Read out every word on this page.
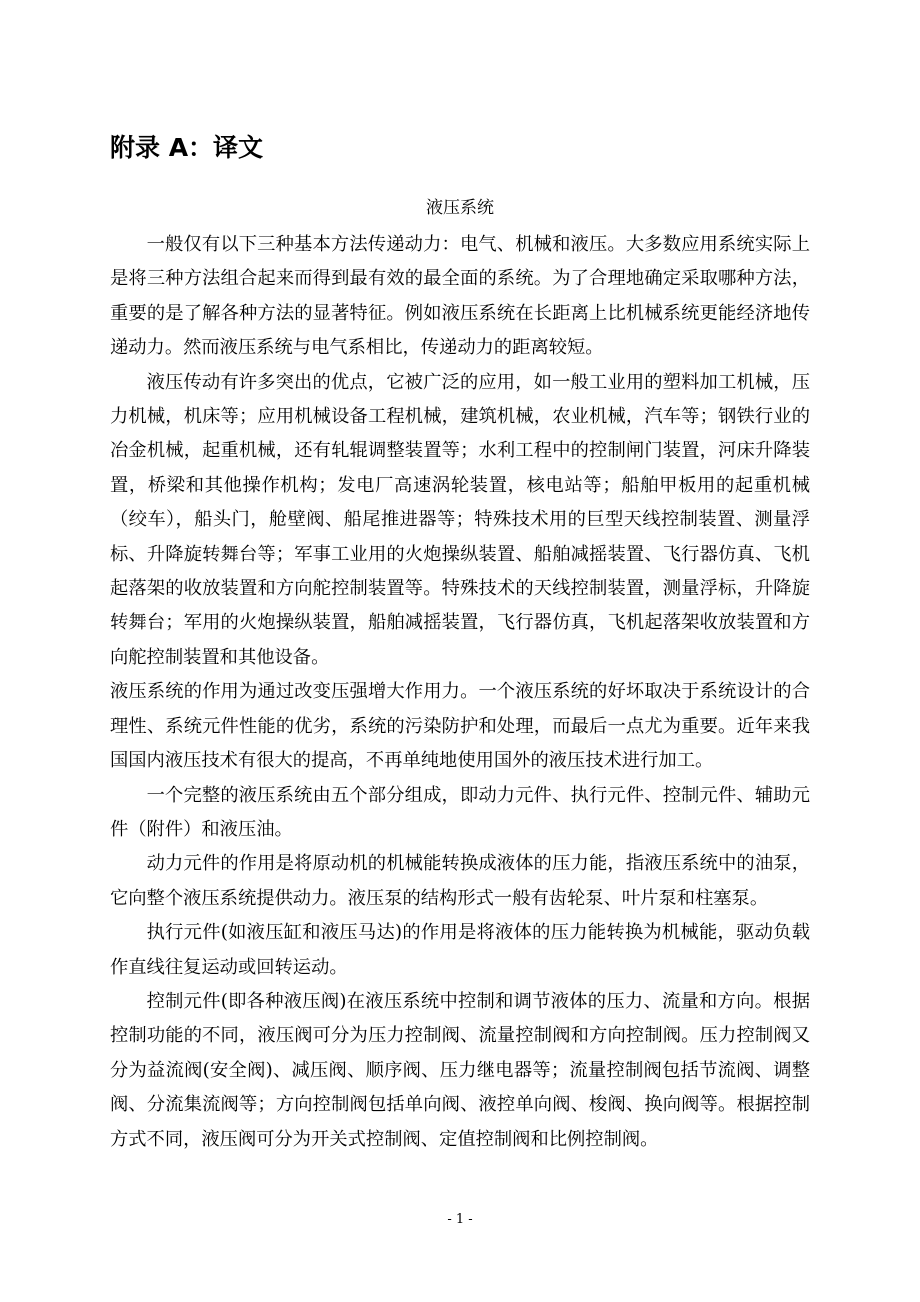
附录 A：译文
液压系统

一般仅有以下三种基本方法传递动力：电气、机械和液压。大多数应用系统实际上是将三种方法组合起来而得到最有效的最全面的系统。为了合理地确定采取哪种方法，重要的是了解各种方法的显著特征。例如液压系统在长距离上比机械系统更能经济地传递动力。然而液压系统与电气系相比，传递动力的距离较短。

液压传动有许多突出的优点，它被广泛的应用，如一般工业用的塑料加工机械，压力机械，机床等；应用机械设备工程机械，建筑机械，农业机械，汽车等；钢铁行业的冶金机械，起重机械，还有轧辊调整装置等；水利工程中的控制闸门装置，河床升降装置，桥梁和其他操作机构；发电厂高速涡轮装置，核电站等；船舶甲板用的起重机械（绞车），船头门，舱壁阀、船尾推进器等；特殊技术用的巨型天线控制装置、测量浮标、升降旋转舞台等；军事工业用的火炮操纵装置、船舶减摇装置、飞行器仿真、飞机起落架的收放装置和方向舵控制装置等。特殊技术的天线控制装置，测量浮标，升降旋转舞台；军用的火炮操纵装置，船舶减摇装置，飞行器仿真，飞机起落架收放装置和方向舵控制装置和其他设备。

液压系统的作用为通过改变压强增大作用力。一个液压系统的好坏取决于系统设计的合理性、系统元件性能的优劣，系统的污染防护和处理，而最后一点尤为重要。近年来我国国内液压技术有很大的提高，不再单纯地使用国外的液压技术进行加工。

一个完整的液压系统由五个部分组成，即动力元件、执行元件、控制元件、辅助元件（附件）和液压油。

动力元件的作用是将原动机的机械能转换成液体的压力能，指液压系统中的油泵，它向整个液压系统提供动力。液压泵的结构形式一般有齿轮泵、叶片泵和柱塞泵。

执行元件(如液压缸和液压马达)的作用是将液体的压力能转换为机械能，驱动负载作直线往复运动或回转运动。

控制元件(即各种液压阀)在液压系统中控制和调节液体的压力、流量和方向。根据控制功能的不同，液压阀可分为压力控制阀、流量控制阀和方向控制阀。压力控制阀又分为益流阀(安全阀)、减压阀、顺序阀、压力继电器等；流量控制阀包括节流阀、调整阀、分流集流阀等；方向控制阀包括单向阀、液控单向阀、梭阀、换向阀等。根据控制方式不同，液压阀可分为开关式控制阀、定值控制阀和比例控制阀。

- 1 -
